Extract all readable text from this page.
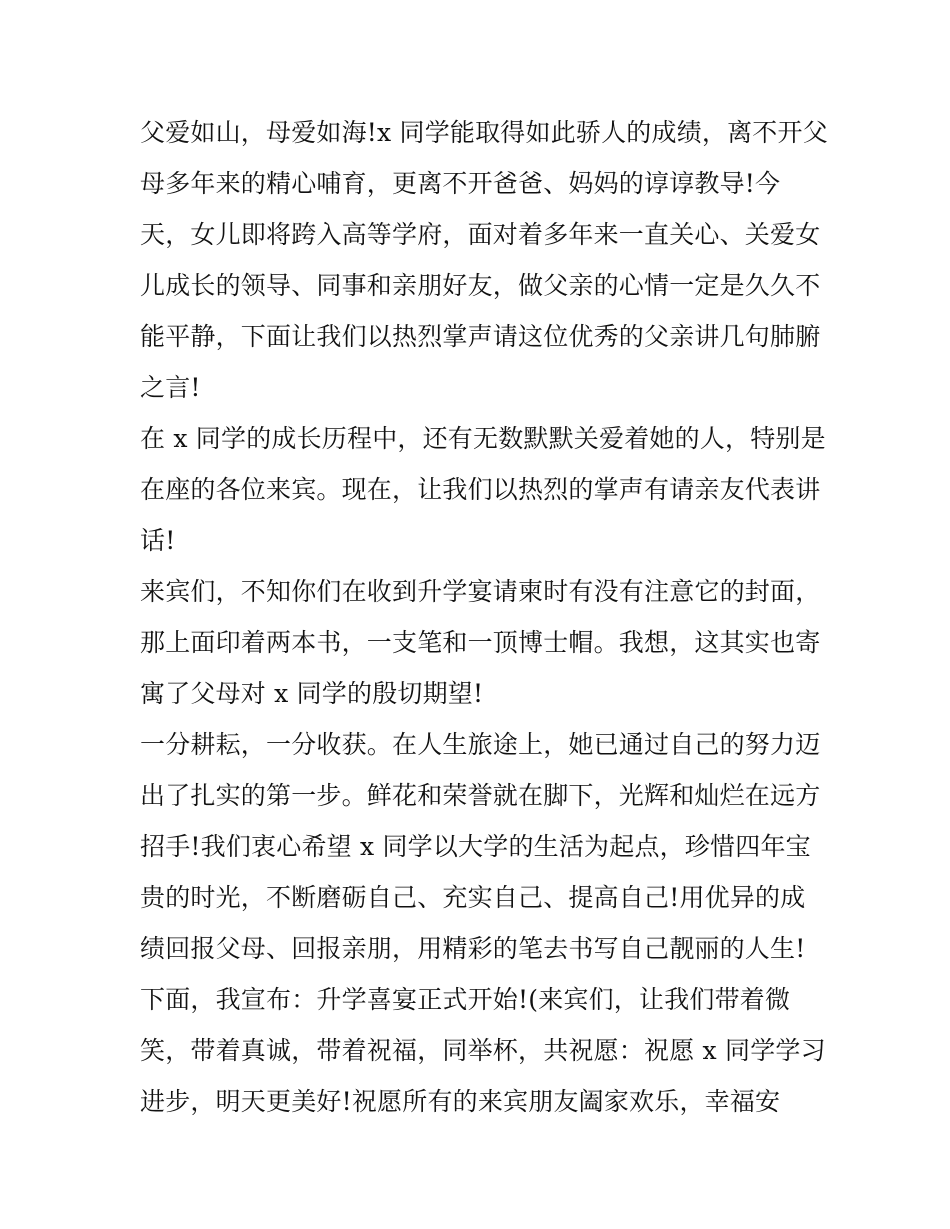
父爱如山，母爱如海!x 同学能取得如此骄人的成绩，离不开父
母多年来的精心哺育，更离不开爸爸、妈妈的谆谆教导!今
天，女儿即将跨入高等学府，面对着多年来一直关心、关爱女
儿成长的领导、同事和亲朋好友，做父亲的心情一定是久久不
能平静，下面让我们以热烈掌声请这位优秀的父亲讲几句肺腑
之言!
在 x 同学的成长历程中，还有无数默默关爱着她的人，特别是
在座的各位来宾。现在，让我们以热烈的掌声有请亲友代表讲
话!
来宾们，不知你们在收到升学宴请柬时有没有注意它的封面，
那上面印着两本书，一支笔和一顶博士帽。我想，这其实也寄
寓了父母对 x 同学的殷切期望!
一分耕耘，一分收获。在人生旅途上，她已通过自己的努力迈
出了扎实的第一步。鲜花和荣誉就在脚下，光辉和灿烂在远方
招手!我们衷心希望 x 同学以大学的生活为起点，珍惜四年宝
贵的时光，不断磨砺自己、充实自己、提高自己!用优异的成
绩回报父母、回报亲朋，用精彩的笔去书写自己靓丽的人生!
下面，我宣布：升学喜宴正式开始!(来宾们，让我们带着微
笑，带着真诚，带着祝福，同举杯，共祝愿：祝愿 x 同学学习
进步，明天更美好!祝愿所有的来宾朋友阖家欢乐，幸福安
